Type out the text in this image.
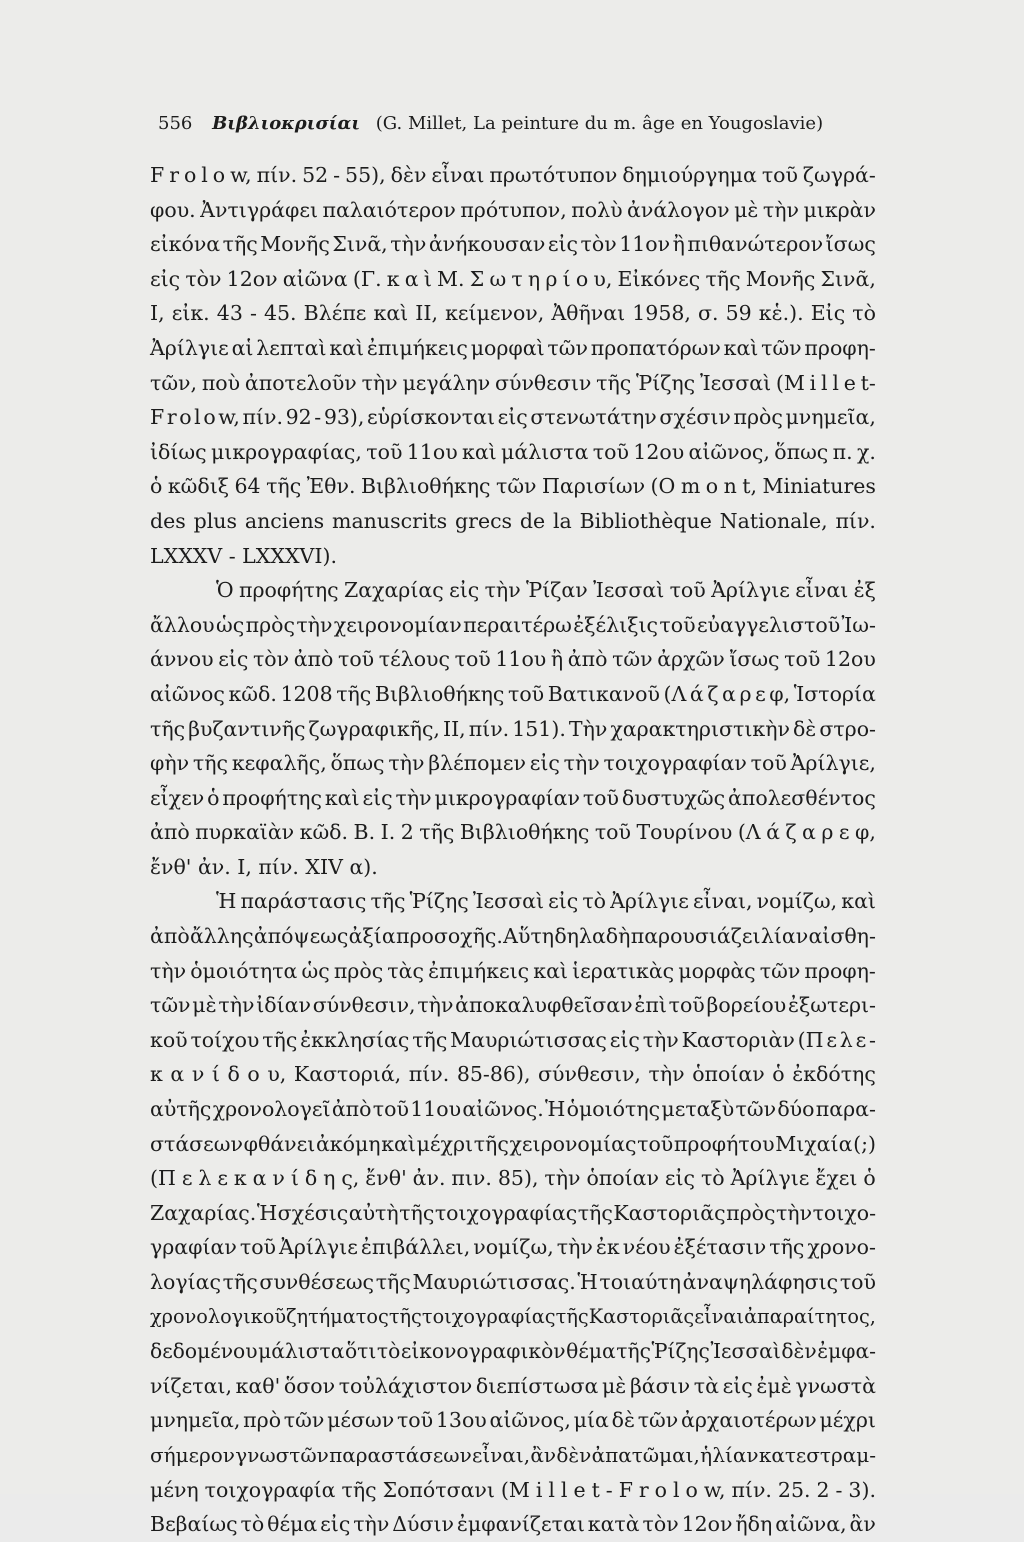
556 Βιβλιοκρισίαι (G. Millet, La peinture du m. âge en Yougoslavie)
F r o l o w, πίν. 52 - 55), δὲν εἶναι πρωτότυπον δημιούργημα τοῦ ζωγρά-
φου. Ἀντιγράφει παλαιότερον πρότυπον, πολὺ ἀνάλογον μὲ τὴν μικρὰν
εἰκόνα τῆς Μονῆς Σινᾶ, τὴν ἀνήκουσαν εἰς τὸν 11ον ἢ πιθανώτερον ἴσως
εἰς τὸν 12ον αἰῶνα (Γ. κ α ὶ Μ. Σ ω τ η ρ ί ο υ, Εἰκόνες τῆς Μονῆς Σινᾶ,
I, εἰκ. 43 - 45. Βλέπε καὶ II, κείμενον, Ἀθῆναι 1958, σ. 59 κἑ.). Εἰς τὸ
Ἀρίλγιε αἱ λεπταὶ καὶ ἐπιμήκεις μορφαὶ τῶν προπατόρων καὶ τῶν προφη-
τῶν, ποὺ ἀποτελοῦν τὴν μεγάλην σύνθεσιν τῆς Ῥίζης Ἰεσσαὶ (M i l l e t-
F r o l o w, πίν. 92 - 93), εὑρίσκονται εἰς στενωτάτην σχέσιν πρὸς μνημεῖα,
ἰδίως μικρογραφίας, τοῦ 11ου καὶ μάλιστα τοῦ 12ου αἰῶνος, ὅπως π. χ.
ὁ κῶδιξ 64 τῆς Ἐθν. Βιβλιοθήκης τῶν Παρισίων (O m o n t, Miniatures
des plus anciens manuscrits grecs de la Bibliothèque Nationale, πίν.
LXXXV - LXXXVI).
Ὁ προφήτης Ζαχαρίας εἰς τὴν Ῥίζαν Ἰεσσαὶ τοῦ Ἀρίλγιε εἶναι ἐξ
ἄλλου ὡς πρὸς τὴν χειρονομίαν περαιτέρω ἐξέλιξις τοῦ εὐαγγελιστοῦ Ἰω-
άννου εἰς τὸν ἀπὸ τοῦ τέλους τοῦ 11ου ἢ ἀπὸ τῶν ἀρχῶν ἴσως τοῦ 12ου
αἰῶνος κῶδ. 1208 τῆς Βιβλιοθήκης τοῦ Βατικανοῦ (Λ ά ζ α ρ ε φ, Ἱστορία
τῆς βυζαντινῆς ζωγραφικῆς, II, πίν. 151). Τὴν χαρακτηριστικὴν δὲ στρο-
φὴν τῆς κεφαλῆς, ὅπως τὴν βλέπομεν εἰς τὴν τοιχογραφίαν τοῦ Ἀρίλγιε,
εἶχεν ὁ προφήτης καὶ εἰς τὴν μικρογραφίαν τοῦ δυστυχῶς ἀπολεσθέντος
ἀπὸ πυρκαϊὰν κῶδ. B. I. 2 τῆς Βιβλιοθήκης τοῦ Τουρίνου (Λ ά ζ α ρ ε φ,
ἔνθ' ἀν. I, πίν. XIV α).
Ἡ παράστασις τῆς Ῥίζης Ἰεσσαὶ εἰς τὸ Ἀρίλγιε εἶναι, νομίζω, καὶ
ἀπὸ ἄλλης ἀπόψεως ἀξία προσοχῆς. Αὕτη δηλαδὴ παρουσιάζει λίαν αἰσθη-
τὴν ὁμοιότητα ὡς πρὸς τὰς ἐπιμήκεις καὶ ἱερατικὰς μορφὰς τῶν προφη-
τῶν μὲ τὴν ἰδίαν σύνθεσιν, τὴν ἀποκαλυφθεῖσαν ἐπὶ τοῦ βορείου ἐξωτερι-
κοῦ τοίχου τῆς ἐκκλησίας τῆς Μαυριώτισσας εἰς τὴν Καστοριὰν (Π ε λ ε -
κ α ν ί δ ο υ, Καστοριά, πίν. 85-86), σύνθεσιν, τὴν ὁποίαν ὁ ἐκδότης
αὐτῆς χρονολογεῖ ἀπὸ τοῦ 11ου αἰῶνος. Ἡ ὁμοιότης μεταξὺ τῶν δύο παρα-
στάσεων φθάνει ἀκόμη καὶ μέχρι τῆς χειρονομίας τοῦ προφήτου Μιχαία (;)
(Π ε λ ε κ α ν ί δ η ς, ἔνθ' ἀν. πιν. 85), τὴν ὁποίαν εἰς τὸ Ἀρίλγιε ἔχει ὁ
Ζαχαρίας. Ἡ σχέσις αὐτὴ τῆς τοιχογραφίας τῆς Καστοριᾶς πρὸς τὴν τοιχο-
γραφίαν τοῦ Ἀρίλγιε ἐπιβάλλει, νομίζω, τὴν ἐκ νέου ἐξέτασιν τῆς χρονο-
λογίας τῆς συνθέσεως τῆς Μαυριώτισσας. Ἡ τοιαύτη ἀναψηλάφησις τοῦ
χρονολογικοῦ ζητήματος τῆς τοιχογραφίας τῆς Καστοριᾶς εἶναι ἀπαραίτητος,
δεδομένου μάλιστα ὅτι τὸ εἰκονογραφικὸν θέμα τῆς Ῥίζης Ἰεσσαὶ δὲν ἐμφα-
νίζεται, καθ' ὅσον τοὐλάχιστον διεπίστωσα μὲ βάσιν τὰ εἰς ἐμὲ γνωστὰ
μνημεῖα, πρὸ τῶν μέσων τοῦ 13ου αἰῶνος, μία δὲ τῶν ἀρχαιοτέρων μέχρι
σήμερον γνωστῶν παραστάσεων εἶναι, ἂν δὲν ἀπατῶμαι, ἡ λίαν κατεστραμ-
μένη τοιχογραφία τῆς Σοπότσανι (M i l l e t - F r o l o w, πίν. 25. 2 - 3).
Βεβαίως τὸ θέμα εἰς τὴν Δύσιν ἐμφανίζεται κατὰ τὸν 12ον ἤδη αἰῶνα, ἂν
